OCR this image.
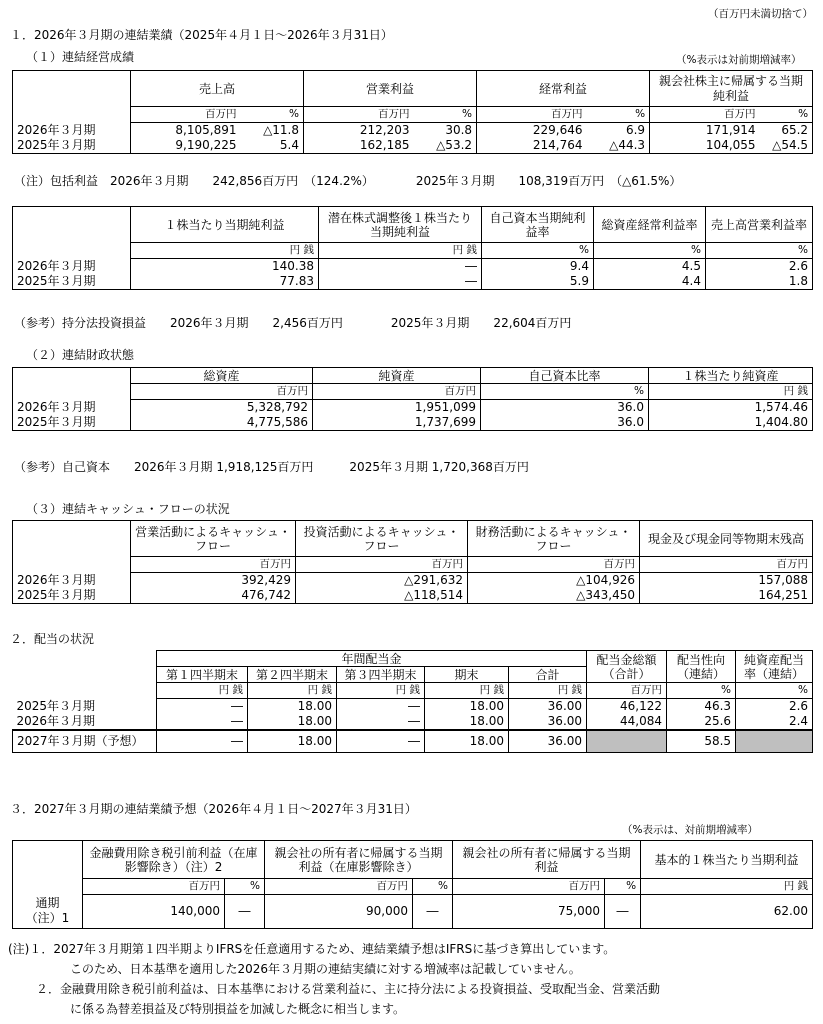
（百万円未満切捨て）
１．2026年３月期の連結業績（2025年４月１日～2026年３月31日）
（１）連結経営成績	（%表示は対前期増減率）
	売上高		営業利益		経常利益		親会社株主に帰属する当期純利益	
	百万円	%	百万円	%	百万円	%	百万円	%
2026年３月期	8,105,891	△11.8	212,203	30.8	229,646	6.9	171,914	65.2
2025年３月期	9,190,225	5.4	162,185	△53.2	214,764	△44.3	104,055	△54.5
（注）包括利益　2026年３月期　　242,856百万円　（124.2%）　　　　2025年３月期　　108,319百万円　（△61.5%）
	１株当たり当期純利益	潜在株式調整後１株当たり当期純利益	自己資本当期純利益率	総資産経常利益率	売上高営業利益率
	円 銭	円 銭	%	%	%
2026年３月期	140.38	―	9.4	4.5	2.6
2025年３月期	77.83	―	5.9	4.4	1.8
（参考）持分法投資損益　　2026年３月期　　2,456百万円　　　　2025年３月期　　22,604百万円
（２）連結財政状態
	総資産	純資産	自己資本比率	１株当たり純資産
	百万円	百万円	%	円 銭
2026年３月期	5,328,792	1,951,099	36.0	1,574.46
2025年３月期	4,775,586	1,737,699	36.0	1,404.80
（参考）自己資本　　2026年３月期 1,918,125百万円　　　2025年３月期 1,720,368百万円
（３）連結キャッシュ・フローの状況
	営業活動によるキャッシュ・フロー	投資活動によるキャッシュ・フロー	財務活動によるキャッシュ・フロー	現金及び現金同等物期末残高
	百万円	百万円	百万円	百万円
2026年３月期	392,429	△291,632	△104,926	157,088
2025年３月期	476,742	△118,514	△343,450	164,251
２．配当の状況
	年間配当金					配当金総額（合計）	配当性向（連結）	純資産配当率（連結）
	第１四半期末	第２四半期末	第３四半期末	期末	合計			
	円 銭	円 銭	円 銭	円 銭	円 銭	百万円	%	%
2025年３月期	―	18.00	―	18.00	36.00	46,122	46.3	2.6
2026年３月期	―	18.00	―	18.00	36.00	44,084	25.6	2.4
2027年３月期（予想）	―	18.00	―	18.00	36.00		58.5	
３．2027年３月期の連結業績予想（2026年４月１日～2027年３月31日）
（%表示は、対前期増減率）
	金融費用除き税引前利益（在庫影響除き）（注）2		親会社の所有者に帰属する当期利益（在庫影響除き）		親会社の所有者に帰属する当期利益		基本的１株当たり当期利益
	百万円	%	百万円	%	百万円	%	円 銭

通期
（注）1	140,000	―	90,000	―	75,000	―	62.00
(注)１．2027年３月期第１四半期よりIFRSを任意適用するため、連結業績予想はIFRSに基づき算出しています。
このため、日本基準を適用した2026年３月期の連結実績に対する増減率は記載していません。
２．金融費用除き税引前利益は、日本基準における営業利益に、主に持分法による投資損益、受取配当金、営業活動
に係る為替差損益及び特別損益を加減した概念に相当します。
